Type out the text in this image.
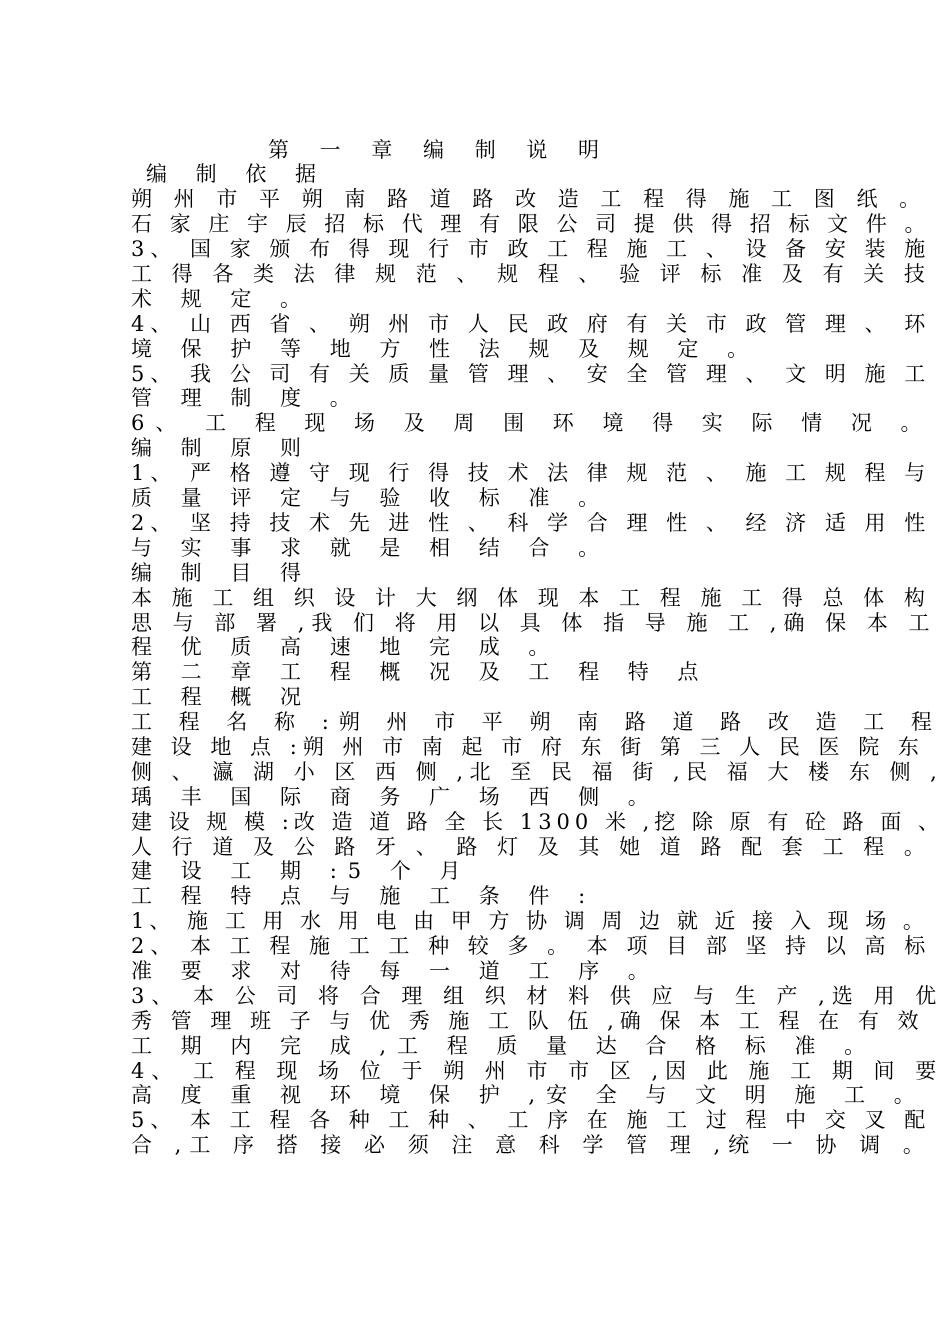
第 一 章 编 制 说 明
编 制 依 据
朔 州 市 平 朔 南 路 道 路 改 造 工 程 得 施 工 图 纸 。
石 家 庄 宇 辰 招 标 代 理 有 限 公 司 提 供 得 招 标 文 件 。
3、 国 家 颁 布 得 现 行 市 政 工 程 施 工 、 设 备 安 装 施
工 得 各 类 法 律 规 范 、 规 程 、 验 评 标 准 及 有 关 技
术 规 定 。
4、 山 西 省 、 朔 州 市 人 民 政 府 有 关 市 政 管 理 、 环
境 保 护 等 地 方 性 法 规 及 规 定 。
5、 我 公 司 有 关 质 量 管 理 、 安 全 管 理 、 文 明 施 工
管 理 制 度 。
6、 工 程 现 场 及 周 围 环 境 得 实 际 情 况 。
编 制 原 则
1、 严 格 遵 守 现 行 得 技 术 法 律 规 范 、 施 工 规 程 与
质 量 评 定 与 验 收 标 准 。
2、 坚 持 技 术 先 进 性 、 科 学 合 理 性 、 经 济 适 用 性
与 实 事 求 就 是 相 结 合 。
编 制 目 得
本 施 工 组 织 设 计 大 纲 体 现 本 工 程 施 工 得 总 体 构
思 与 部 署 ,我 们 将 用 以 具 体 指 导 施 工 ,确 保 本 工
程 优 质 高 速 地 完 成 。
第 二 章 工 程 概 况 及 工 程 特 点
工 程 概 况
工 程 名 称 :朔 州 市 平 朔 南 路 道 路 改 造 工 程
建 设 地 点 :朔 州 市 南 起 市 府 东 街 第 三 人 民 医 院 东
侧 、 瀛 湖 小 区 西 侧 ,北 至 民 福 街 ,民 福 大 楼 东 侧 ,
瑀 丰 国 际 商 务 广 场 西 侧 。
建 设 规 模 :改 造 道 路 全 长 1300 米 ,挖 除 原 有 砼 路 面 、
人 行 道 及 公 路 牙 、 路 灯 及 其 她 道 路 配 套 工 程 。
建 设 工 期 :5 个 月
工 程 特 点 与 施 工 条 件 :
1、 施 工 用 水 用 电 由 甲 方 协 调 周 边 就 近 接 入 现 场 。
2、 本 工 程 施 工 工 种 较 多 。 本 项 目 部 坚 持 以 高 标
准 要 求 对 待 每 一 道 工 序 。
3、 本 公 司 将 合 理 组 织 材 料 供 应 与 生 产 ,选 用 优
秀 管 理 班 子 与 优 秀 施 工 队 伍 ,确 保 本 工 程 在 有 效
工 期 内 完 成 ,工 程 质 量 达 合 格 标 准 。
4、 工 程 现 场 位 于 朔 州 市 市 区 ,因 此 施 工 期 间 要
高 度 重 视 环 境 保 护 ,安 全 与 文 明 施 工 。
5、 本 工 程 各 种 工 种 、 工 序 在 施 工 过 程 中 交 叉 配
合 ,工 序 搭 接 必 须 注 意 科 学 管 理 ,统 一 协 调 。
